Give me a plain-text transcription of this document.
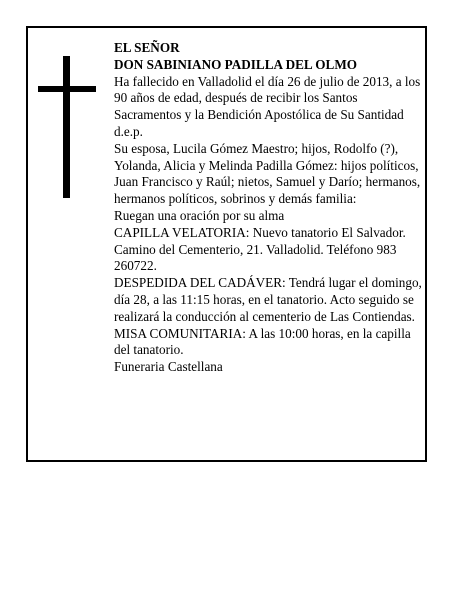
EL SEÑOR

DON SABINIANO PADILLA DEL OLMO

Ha fallecido en Valladolid el día 26 de julio de 2013, a los 90 años de edad, después de recibir los Santos Sacramentos y la Bendición Apostólica de Su Santidad d.e.p.

Su esposa, Lucila Gómez Maestro; hijos, Rodolfo (?), Yolanda, Alicia y Melinda Padilla Gómez: hijos políticos, Juan Francisco y Raúl; nietos, Samuel y Darío; hermanos, hermanos políticos, sobrinos y demás familia:

Ruegan una oración por su alma

CAPILLA VELATORIA: Nuevo tanatorio El Salvador. Camino del Cementerio, 21. Valladolid. Teléfono 983 260722.

DESPEDIDA DEL CADÁVER: Tendrá lugar el domingo, día 28, a las 11:15 horas, en el tanatorio. Acto seguido se realizará la conducción al cementerio de Las Contiendas.

MISA COMUNITARIA: A las 10:00 horas, en la capilla del tanatorio.

Funeraria Castellana
